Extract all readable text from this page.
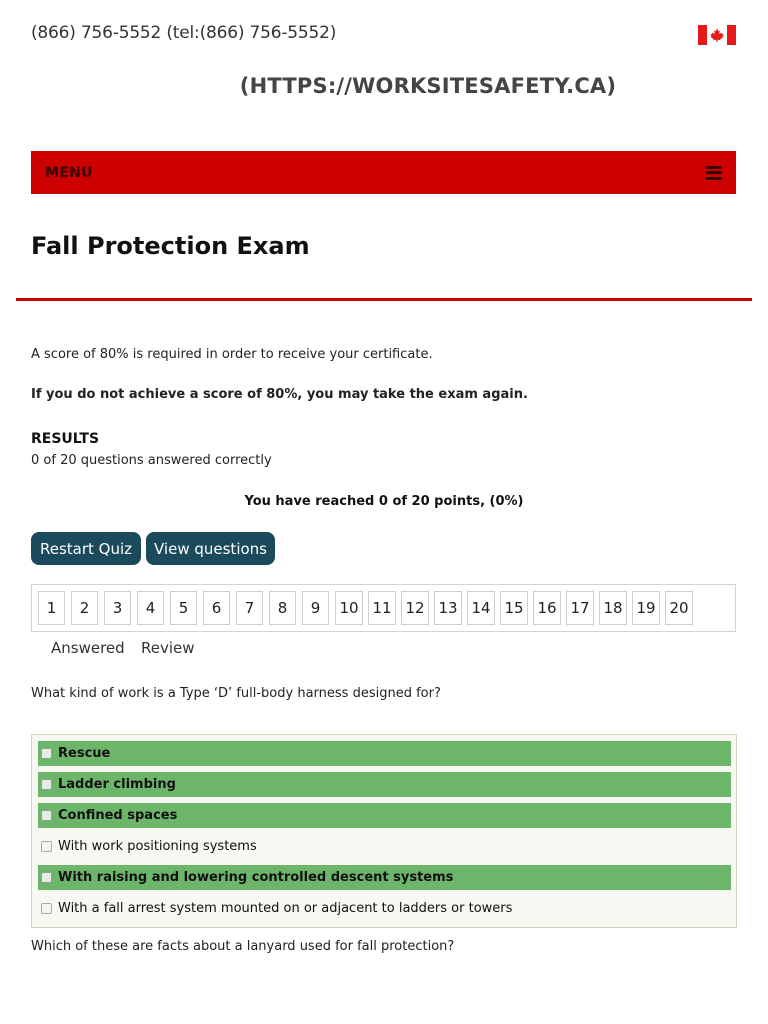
(866) 756-5552 (tel:(866) 756-5552)
(HTTPS://WORKSITESAFETY.CA)
MENU
Fall Protection Exam

A score of 80% is required in order to receive your certificate.

If you do not achieve a score of 80%, you may take the exam again.

RESULTS
0 of 20 questions answered correctly
You have reached 0 of 20 points, (0%)
Restart Quiz	View questions
1	2	3	4	5	6	7	8	9	10 11 12 13 14 15 16 17 18 19 20
Answered Review
What kind of work is a Type ‘D’ full-body harness designed for?
Rescue
Ladder climbing
Confined spaces
With work positioning systems
With raising and lowering controlled descent systems
With a fall arrest system mounted on or adjacent to ladders or towers
Which of these are facts about a lanyard used for fall protection?
